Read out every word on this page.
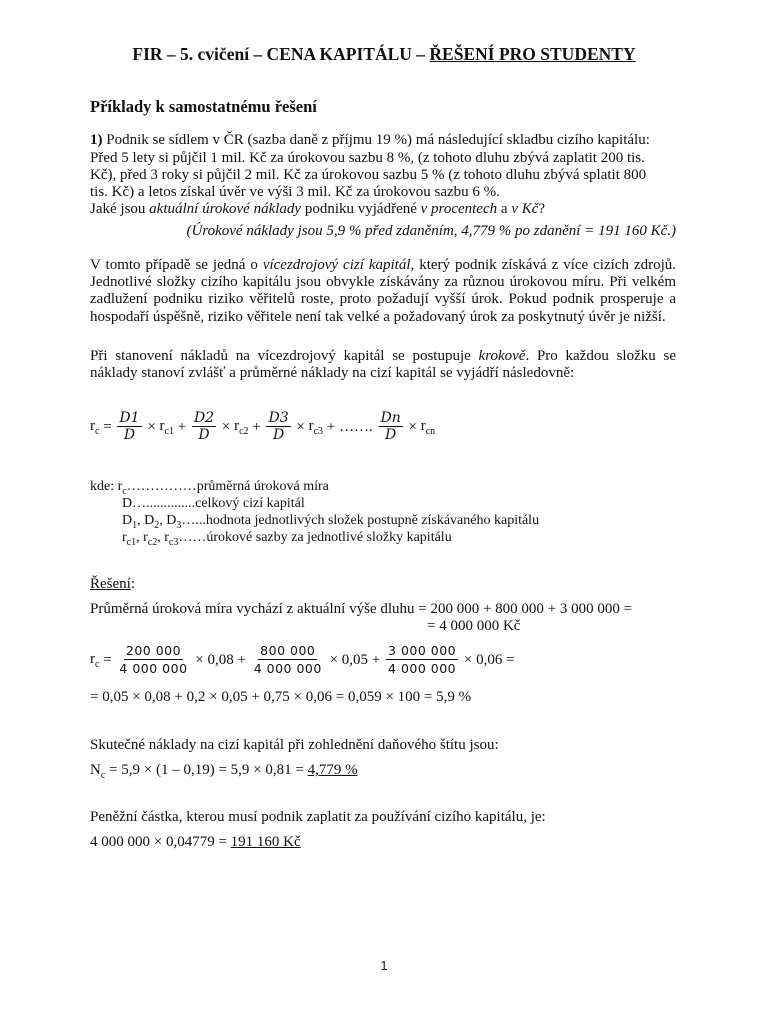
FIR – 5. cvičení – CENA KAPITÁLU – ŘEŠENÍ PRO STUDENTY
Příklady k samostatnému řešení
1) Podnik se sídlem v ČR (sazba daně z příjmu 19 %) má následující skladbu cizího kapitálu:
Před 5 lety si půjčil 1 mil. Kč za úrokovou sazbu 8 %, (z tohoto dluhu zbývá zaplatit 200 tis.
Kč), před 3 roky si půjčil 2 mil. Kč za úrokovou sazbu 5 % (z tohoto dluhu zbývá splatit 800
tis. Kč) a letos získal úvěr ve výši 3 mil. Kč za úrokovou sazbu 6 %.
Jaké jsou aktuální úrokové náklady podniku vyjádřené v procentech a v Kč?
(Úrokové náklady jsou 5,9 % před zdaněním, 4,779 % po zdanění = 191 160 Kč.)

V tomto případě se jedná o vícezdrojový cizí kapitál, který podnik získává z více cizích zdrojů. Jednotlivé složky cizího kapitálu jsou obvykle získávány za různou úrokovou míru. Při velkém zadlužení podniku riziko věřitelů roste, proto požadují vyšší úrok. Pokud podnik prosperuje a hospodaří úspěšně, riziko věřitele není tak velké a požadovaný úrok za poskytnutý úvěr je nižší.

Při stanovení nákladů na vícezdrojový kapitál se postupuje krokově. Pro každou složku se náklady stanoví zvlášť a průměrné náklady na cizí kapitál se vyjádří následovně:

$r_c = \frac{D1}{D} \times r_{c1} + \frac{D2}{D} \times r_{c2} + \frac{D3}{D} \times r_{c3}$ + ……. $\frac{Dn}{D} \times r_{cn}$
kde: $r_c\dots\dots\dots\dots\dots průměrná$ úroková míra
D…..............celkový cizí kapitál
$D_1$, $D_2$, $D_3\dots...hodnota$ jednotlivých složek postupně získávaného kapitálu
$r_{c1}$, $r_{c2}$, $r_{c3}\dots\dots úrokové$ sazby za jednotlivé složky kapitálu
Řešení:
Průměrná úroková míra vychází z aktuální výše dluhu = 200 000 + 800 000 + 3 000 000 =
= 4 000 000 Kč
$r_c = \frac{200 000}{4 000 000} \times 0,08 + \frac{800 000}{4 000 000} \times 0,05 + \frac{3 000 000}{4 000 000} \times 0,06$ =
= 0,05 × 0,08 + 0,2 × 0,05 + 0,75 × 0,06 = 0,059 × 100 = 5,9 %
Skutečné náklady na cizí kapitál při zohlednění daňového štítu jsou:
$N_c = 5,9 \times (1 - 0,19) = 5,9 \times 0,81 = 4,779$ %
Peněžní částka, kterou musí podnik zaplatit za používání cizího kapitálu, je:
4 000 000 × 0,04779 = 191 160 Kč
1
